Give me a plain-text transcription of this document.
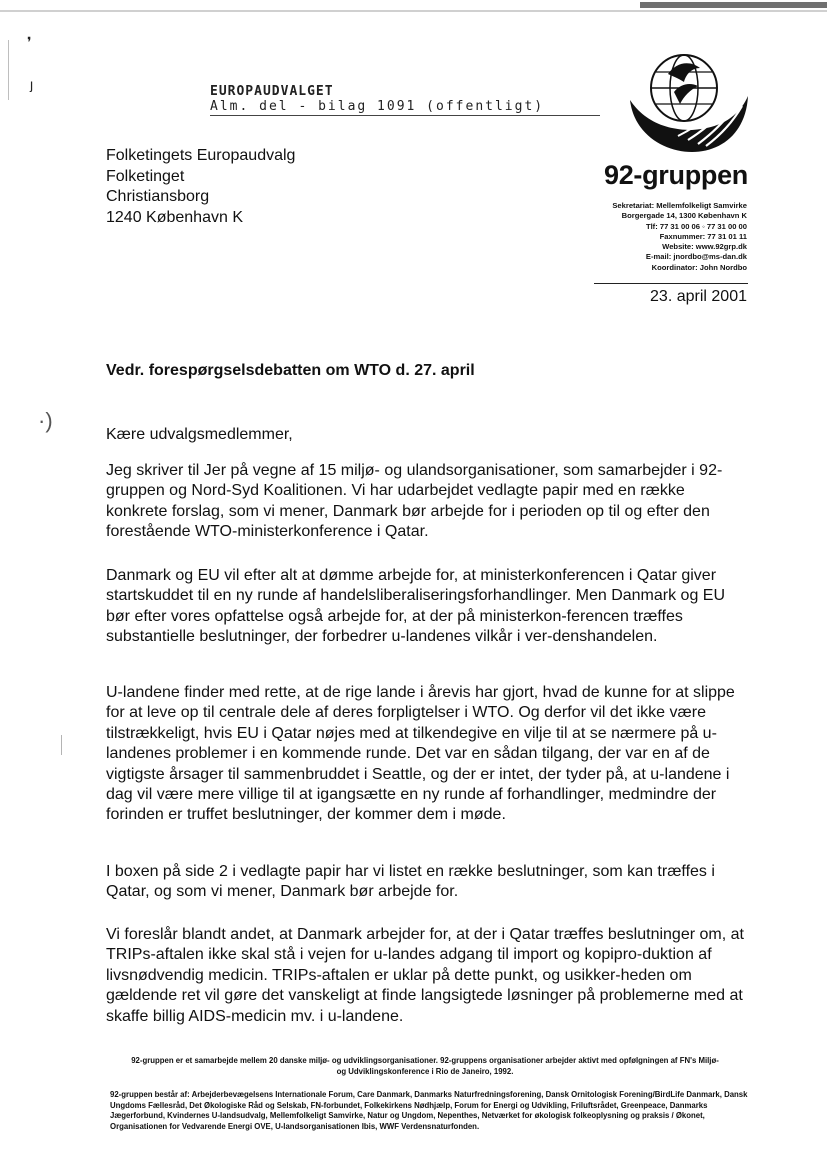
❜
ȷ
·)
EUROPAUDVALGET
Alm. del - bilag 1091 (offentligt)
Folketingets Europaudvalg
Folketinget
Christiansborg
1240 København K
92-gruppen
Sekretariat: Mellemfolkeligt Samvirke
Borgergade 14, 1300 København K
Tlf: 77 31 00 06 ◦ 77 31 00 00
Faxnummer: 77 31 01 11
Website: www.92grp.dk
E-mail: jnordbo@ms-dan.dk
Koordinator: John Nordbo
23. april 2001
Vedr. forespørgselsdebatten om WTO d. 27. april
Kære udvalgsmedlemmer,
Jeg skriver til Jer på vegne af 15 miljø- og ulandsorganisationer, som samarbejder i 92-gruppen og Nord-Syd Koalitionen. Vi har udarbejdet vedlagte papir med en række konkrete forslag, som vi mener, Danmark bør arbejde for i perioden op til og efter den forestående WTO-ministerkonference i Qatar.
Danmark og EU vil efter alt at dømme arbejde for, at ministerkonferencen i Qatar giver startskuddet til en ny runde af handelsliberaliseringsforhandlinger. Men Danmark og EU bør efter vores opfattelse også arbejde for, at der på ministerkon-ferencen træffes substantielle beslutninger, der forbedrer u-landenes vilkår i ver-denshandelen.
U-landene finder med rette, at de rige lande i årevis har gjort, hvad de kunne for at slippe for at leve op til centrale dele af deres forpligtelser i WTO. Og derfor vil det ikke være tilstrækkeligt, hvis EU i Qatar nøjes med at tilkendegive en vilje til at se nærmere på u-landenes problemer i en kommende runde. Det var en sådan tilgang, der var en af de vigtigste årsager til sammenbruddet i Seattle, og der er intet, der tyder på, at u-landene i dag vil være mere villige til at igangsætte en ny runde af forhandlinger, medmindre der forinden er truffet beslutninger, der kommer dem i møde.
I boxen på side 2 i vedlagte papir har vi listet en række beslutninger, som kan træffes i Qatar, og som vi mener, Danmark bør arbejde for.
Vi foreslår blandt andet, at Danmark arbejder for, at der i Qatar træffes beslutninger om, at TRIPs-aftalen ikke skal stå i vejen for u-landes adgang til import og kopipro-duktion af livsnødvendig medicin. TRIPs-aftalen er uklar på dette punkt, og usikker-heden om gældende ret vil gøre det vanskeligt at finde langsigtede løsninger på problemerne med at skaffe billig AIDS-medicin mv. i u-landene.
92-gruppen er et samarbejde mellem 20 danske miljø- og udviklingsorganisationer. 92-gruppens organisationer arbejder aktivt med opfølgningen af FN's Miljø- og Udviklingskonference i Rio de Janeiro, 1992.
92-gruppen består af: Arbejderbevægelsens Internationale Forum, Care Danmark, Danmarks Naturfredningsforening, Dansk Ornitologisk Forening/BirdLife Danmark, Dansk Ungdoms Fællesråd, Det Økologiske Råd og Selskab, FN-forbundet, Folkekirkens Nødhjælp, Forum for Energi og Udvikling, Friluftsrådet, Greenpeace, Danmarks Jægerforbund, Kvindernes U-landsudvalg, Mellemfolkeligt Samvirke, Natur og Ungdom, Nepenthes, Netværket for økologisk folkeoplysning og praksis / Økonet, Organisationen for Vedvarende Energi OVE, U-landsorganisationen Ibis, WWF Verdensnaturfonden.
